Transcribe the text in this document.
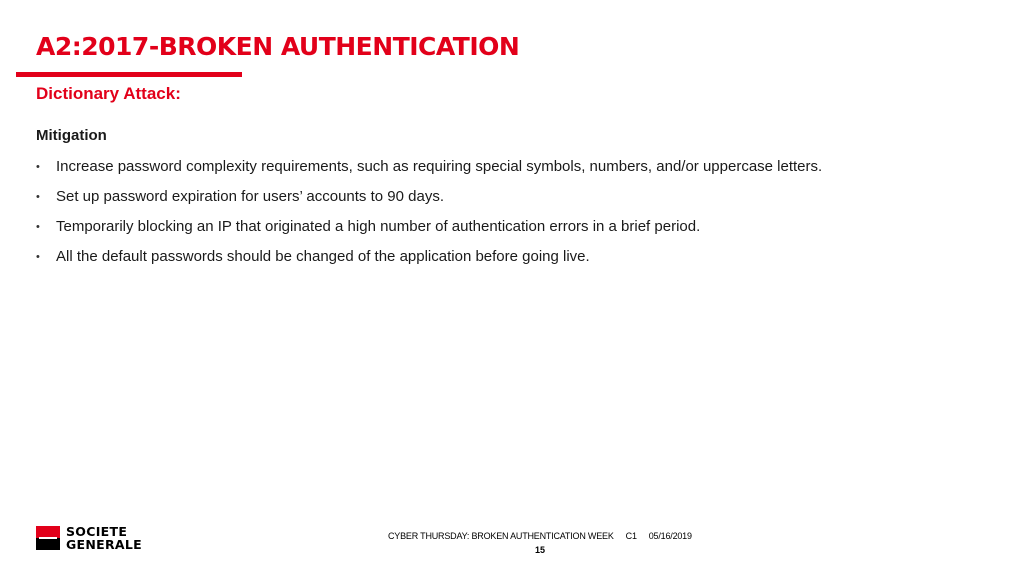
A2:2017-BROKEN AUTHENTICATION
Dictionary Attack:
Mitigation
• Increase password complexity requirements, such as requiring special symbols, numbers, and/or uppercase letters.
• Set up password expiration for users’ accounts to 90 days.
• Temporarily blocking an IP that originated a high number of authentication errors in a brief period.
• All the default passwords should be changed of the application before going live.
SOCIETE
GENERALE
CYBER THURSDAY: BROKEN AUTHENTICATION WEEK C1 05/16/2019
15
